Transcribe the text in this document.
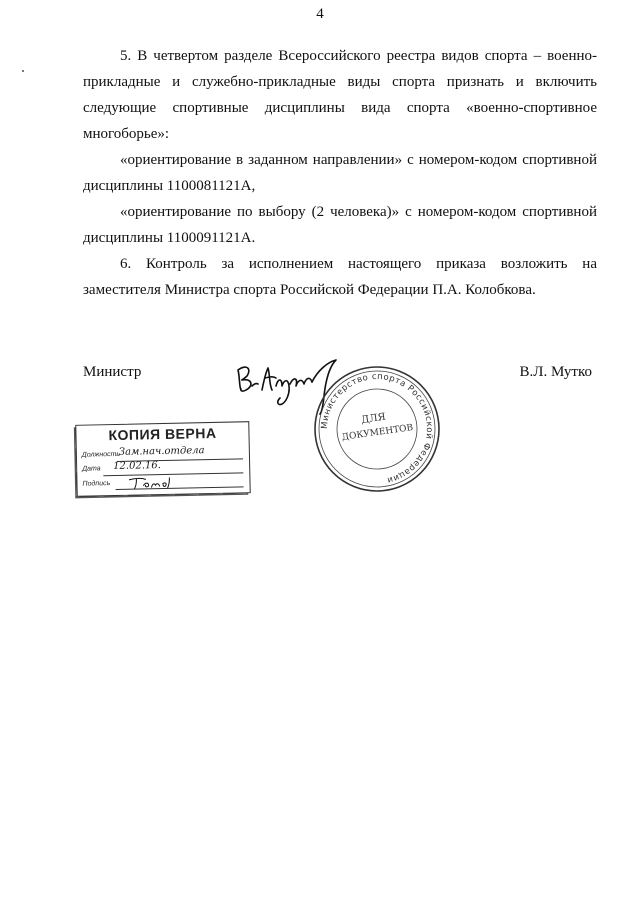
4

5. В четвертом разделе Всероссийского реестра видов спорта – военно-прикладные и служебно-прикладные виды спорта признать и включить следующие спортивные дисциплины вида спорта «военно-спортивное многоборье»:

«ориентирование в заданном направлении» с номером-кодом спортивной дисциплины 1100081121А,

«ориентирование по выбору (2 человека)» с номером-кодом спортивной дисциплины 1100091121А.

6. Контроль за исполнением настоящего приказа возложить на заместителя Министра спорта Российской Федерации П.А. Колобкова.

Министр	В.Л. Мутко
Министерство спорта Российской Федерации
ДЛЯ
ДОКУМЕНТОВ
КОПИЯ ВЕРНА
Должность
Зам.нач.отдела
Дата 12.02.16.
Подпись
